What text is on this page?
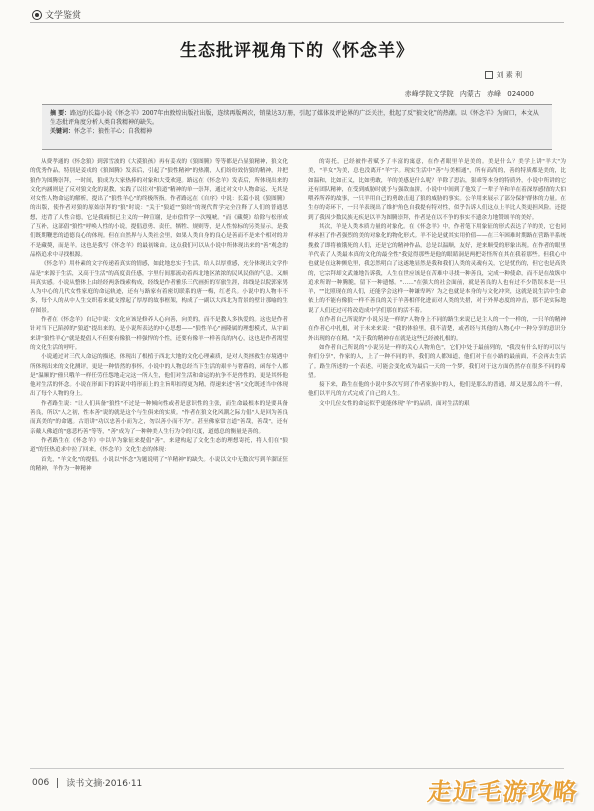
文学鉴赏
生态批评视角下的《怀念羊》
刘 素 利
赤峰学院文学院 内蒙古 赤峰 024000
摘 要：路远的长篇小说《怀念羊》2007年由敦煌出版社出版，连续再版两次，销量达3万册，引起了媒体及评论界的广泛关注，批起了反"狼文化"的热潮。以《怀念羊》为窗口，本文从生态批评角度分析人类自我精神的缺失。
关键词：怀念羊；狼性羊心；自我精神

从费孝通的《怀念狼》到郭雪波的《大漠狼孩》再有姜戎的《狼图腾》等等都是凸显狼精神，狼文化的优秀作品，特别是姜戎的《狼图腾》发表后，引起了"狼性精神"的热潮，人们纷纷效仿狼的精神，并把狼作为图腾崇拜，一时间，狼成为大家热捧的对象和大受欢迎。路远在《怀念羊》发表后，所体现出来的文化内涵则是了反对狼文化的说教，实践了以往对"狼道"精神的单一崇拜，通过对文中人物命运、无其是对女性人物命运的解析，提出了"狼性羊心"的终极所指。作者路远在《自序》中说：长篇小说《狼图腾》的出版，使作者对狼的原始崇拜的"狼"时说："关于"狼道""狼经"的现代哲学完全注释了人们的普通思想，违背了人性合德，它是我痛恨已主义的一种宣谢，是市侩哲学一次嘎唬。"而《藏獒》给除与松形成了互补，这部倡"狼性"呼唤人性的小说，提倡意勇、责任，牺牲、规则等，是人性惊标的另类显示，是我们既期鞭恶的道德良心的体现。但在自然界与人类社会里，如果人类自身的良心是善而不是来个相对的并不是藏獒，而是羊。这也是我写《怀念羊》的最初缘由。这点我们可以从小说中所体现出来的"善"观念的品格追求中寻找根源。

《怀念羊》用朴素的文字传递着真实的情感，如此地忠实于生活，给人以厚重感，充分体现出文学作品是"来源于生活，又高于生活"的高度责任感，字里行间那流动着西北地区浓浓的民风民俗的气息，又颇具真实感。小说从整体上由经经两条线索构成，经线是作者雅乐三代画折的军旅生涯，纬线是以院郭家男人为中心的几代女性家庭的命运轨迹，还有与路家有着密切联系的唐一梅，红老兵。小说中的人物丰不多，每个人的从中人生交织着来就支撑起了厚厚的故事框架，构成了一副以大西北为背景的壁计那喻的生存图景。

作者在《怀念羊》自记中说：文化应该是修养人心向善，向美的，而不是教人多执爱的。这也是作者针对当下已陷掉的"狼道"提出来的，是小说所表达的中心思想——"狼性羊心"画隆属的理想模式，从宇面来讲"狼性羊心"就是提倡人不但要有像狼一样强悍的个性，还要有像羊一样善良的内心，这也是作者渴望的文化生活的呼吁。

小说通过对三代人命运的描述，体现出了根植于西北大地的文化心理素质，是对人类拯救生存境遇中所体现出来的文化测评，更是一种悟然的事怀。小说中的人物总经当下生活的艰辛与奢暮的，函每个人都是"温顺的"僮只哦羊一样任劳任怨地走完这一所人生，他们对生活和命运的抗争不是兽性的，更是其怀他他对生活的怀念。小说在形面下的诉说中将形而上的主旨叩扣得更为精，得速来述"善"文化既述当中体现出了每个人物的身上。

作者路生说："让人们具备"狼性"不过是一种倾向性或者是意识性的主张，而生命最根本的是要具备善良，所以"人之初，性本善"说的就是这个与生俱来的实质。"作者在狼文化风潮之际力倡"人是回为善良而真美的"的命题。古语讲"功以忠善小而为之，勿以善小而不为"。甚至佛家常言道"善哉，善哉"，还有亲戴人佛道的"慈悲朽善"等等，"善"成为了一种种美人生行为令的尺度，道德总的衡量是善的。

作者路生在《怀念羊》中以羊为象征来提倡"善"，来建构起了文化生态的理想寄托，将人们在"狼道"的狂热追求中拉了回来，《怀念羊》文化生态的体现：

首先，"羊文化"的提倡。小说以"怀念"为题说明了"羊精神"的缺失。小说以文中无数次写到羊溜证狂的精神，羊作为一种精神

的寄托，已经被作者赋予了丰富的寓意，在作者眼里羊是美的。美是什么？美学上讲"羊大"为美，"羊女"为美，总也没离开"羊"字。现实生活中"善"与美相通"，所有高尚的，善的特质都是美的，比如温和，比如正义，比如勇敢，羊的美感是什么呢？羊除了思沾，狠乖等本身的特质外，小说中所讲的它还有团队精神，在受到威胁时就予与强敌血拼，小说中中间到了他发了一辈子羊和羊在着深厚感情的大伯喂养所养的故事，一只羊用自己的勇敢击退了狼的威胁的事实。公羊用来展示了部分保护群体的力量。在生存的奇环下，一只羊表现出了维护角色自我提有特对性，似乎告诉人们这点上羊比人类更担风险。还提到了我因少数民族无疾是以羊为图腾崇拜，作者是在以不争的事实不遗余力地赞颂羊的美好。

其次，羊是人类本质力量的对象化。在《怀念羊》中，作者笔下用象征的形式表达了羊的美，它也同样承担了作者强烈的美的对象化的物化形式。羊不论是就其实用价值——在三年困难时期路在营路羊系统挽救了即将被饿死的人们，还是它的精神作品，总是以温顺，友好，逆来顺受的形象出现。在作者的眼里羊代表了人类最本真的文化的最全性"我觉得那些是他的眼睛洞是两把奇怪所在其在我着那些。但我心中也就是在这种颤危里，我怎然明白了这遂地显然是我和我们人类的灵魂有关，它是忧伤的，但它也是高贵的，它宗拜却文武兼地告诉我，人生在世应该是在苦难中寻找一种善良，完成一种使命，而不是在故纵中追求所谓一种腾脆，留下一种遗憾。"……"在强大的社会面前，就是善良的人也有过不少错误本是一旦羊，""比照现在的人们，还能学会这样一种谦卑吗？为之也就是本身的与文化冲突，这就是说生活中生命依上的不能有像狼一样不善良的关于羊善相伴化进而对人类的失措，对于外界态度的冲击，那不是实际地说了人们还过可将改造成中学们那在的活不着。

在作者自己所说的"小说另是一样的"人物身上不同的路生来说已是主人的一个一样的，一只羊的精神在作者心中扎根，对于未来来说："我的体验里，我不清楚，或者经与其他的人物心中一种分享的意识分外出现的存在精。"关于我的精神存在就是这些已经被扎根的。

如作者自己所说的"小说另是一样的关心人物角色"，它们中处于最前列的，"我没有什么好的可以与你们分享"，作家的人，上了一种不同的羊，我们的人都知道，他们对于在小路的最前面，不会再去生活了。路生所述的一个表述，可能会变化成为最后一天的一个梦，我们对于这方面仍然存在很多不同的希望。

接下来，路生在他的小说中多次写到了作者家族中的人，他们是那么的普通，却又是那么的不一样，他们以平凡的方式完成了自己的人生。

文中几位女性的命运似乎更能体现"羊"的品质，面对生活的艰

006 读书文摘·2016·11	走近毛游攻略
